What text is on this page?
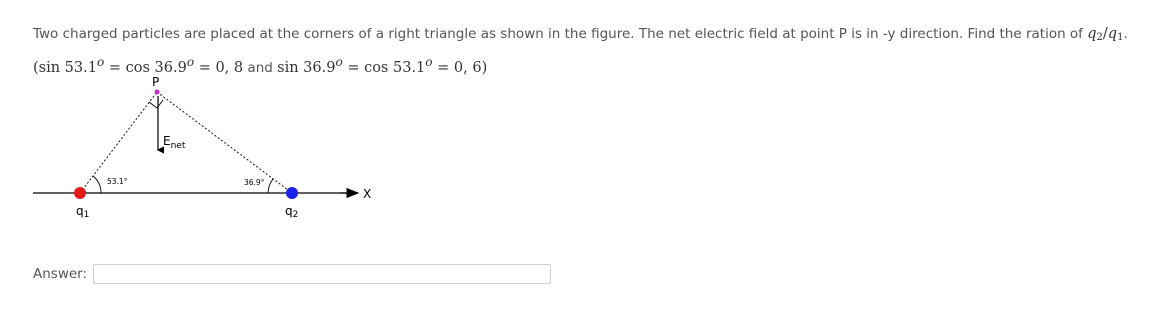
Two charged particles are placed at the corners of a right triangle as shown in the figure. The net electric field at point P is in -y direction. Find the ration of $q_2/q_1$.
(sin $53.1^o = \cos 36.9^o = 0$, 8 and $\sin 36.9^o = \cos 53.1^o = 0$, 6)
X
53.1°	36.9°
P
$E_{net}$
q1	q2
Answer:
